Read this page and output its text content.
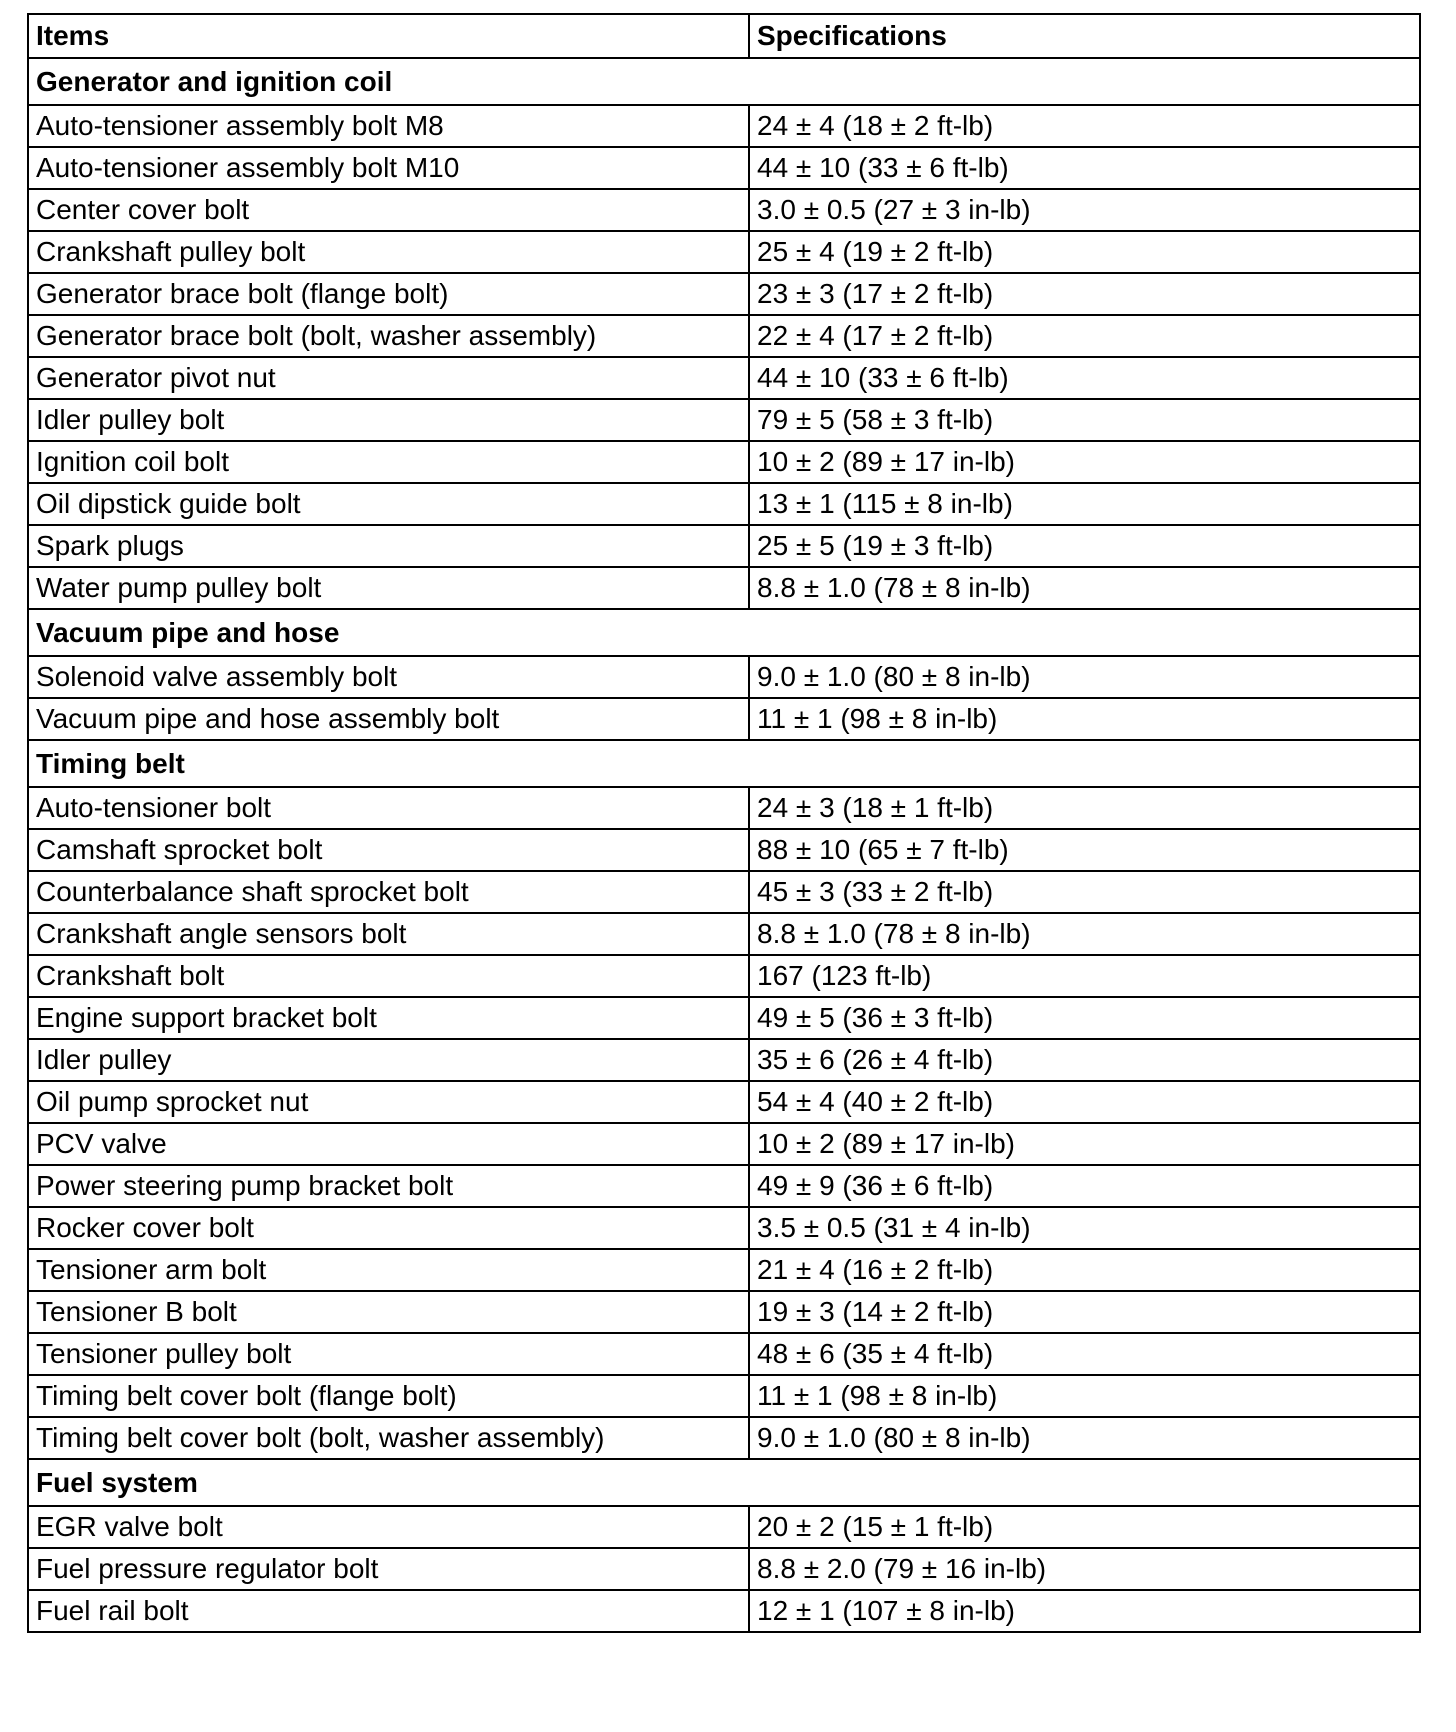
Items	Specifications
Generator and ignition coil	
Auto-tensioner assembly bolt M8	24 ± 4 (18 ± 2 ft-lb)
Auto-tensioner assembly bolt M10	44 ± 10 (33 ± 6 ft-lb)
Center cover bolt	3.0 ± 0.5 (27 ± 3 in-lb)
Crankshaft pulley bolt	25 ± 4 (19 ± 2 ft-lb)
Generator brace bolt (flange bolt)	23 ± 3 (17 ± 2 ft-lb)
Generator brace bolt (bolt, washer assembly)	22 ± 4 (17 ± 2 ft-lb)
Generator pivot nut	44 ± 10 (33 ± 6 ft-lb)
Idler pulley bolt	79 ± 5 (58 ± 3 ft-lb)
Ignition coil bolt	10 ± 2 (89 ± 17 in-lb)
Oil dipstick guide bolt	13 ± 1 (115 ± 8 in-lb)
Spark plugs	25 ± 5 (19 ± 3 ft-lb)
Water pump pulley bolt	8.8 ± 1.0 (78 ± 8 in-lb)
Vacuum pipe and hose	
Solenoid valve assembly bolt	9.0 ± 1.0 (80 ± 8 in-lb)
Vacuum pipe and hose assembly bolt	11 ± 1 (98 ± 8 in-lb)
Timing belt	
Auto-tensioner bolt	24 ± 3 (18 ± 1 ft-lb)
Camshaft sprocket bolt	88 ± 10 (65 ± 7 ft-lb)
Counterbalance shaft sprocket bolt	45 ± 3 (33 ± 2 ft-lb)
Crankshaft angle sensors bolt	8.8 ± 1.0 (78 ± 8 in-lb)
Crankshaft bolt	167 (123 ft-lb)
Engine support bracket bolt	49 ± 5 (36 ± 3 ft-lb)
Idler pulley	35 ± 6 (26 ± 4 ft-lb)
Oil pump sprocket nut	54 ± 4 (40 ± 2 ft-lb)
PCV valve	10 ± 2 (89 ± 17 in-lb)
Power steering pump bracket bolt	49 ± 9 (36 ± 6 ft-lb)
Rocker cover bolt	3.5 ± 0.5 (31 ± 4 in-lb)
Tensioner arm bolt	21 ± 4 (16 ± 2 ft-lb)
Tensioner B bolt	19 ± 3 (14 ± 2 ft-lb)
Tensioner pulley bolt	48 ± 6 (35 ± 4 ft-lb)
Timing belt cover bolt (flange bolt)	11 ± 1 (98 ± 8 in-lb)
Timing belt cover bolt (bolt, washer assembly)	9.0 ± 1.0 (80 ± 8 in-lb)
Fuel system	
EGR valve bolt	20 ± 2 (15 ± 1 ft-lb)
Fuel pressure regulator bolt	8.8 ± 2.0 (79 ± 16 in-lb)
Fuel rail bolt	12 ± 1 (107 ± 8 in-lb)
